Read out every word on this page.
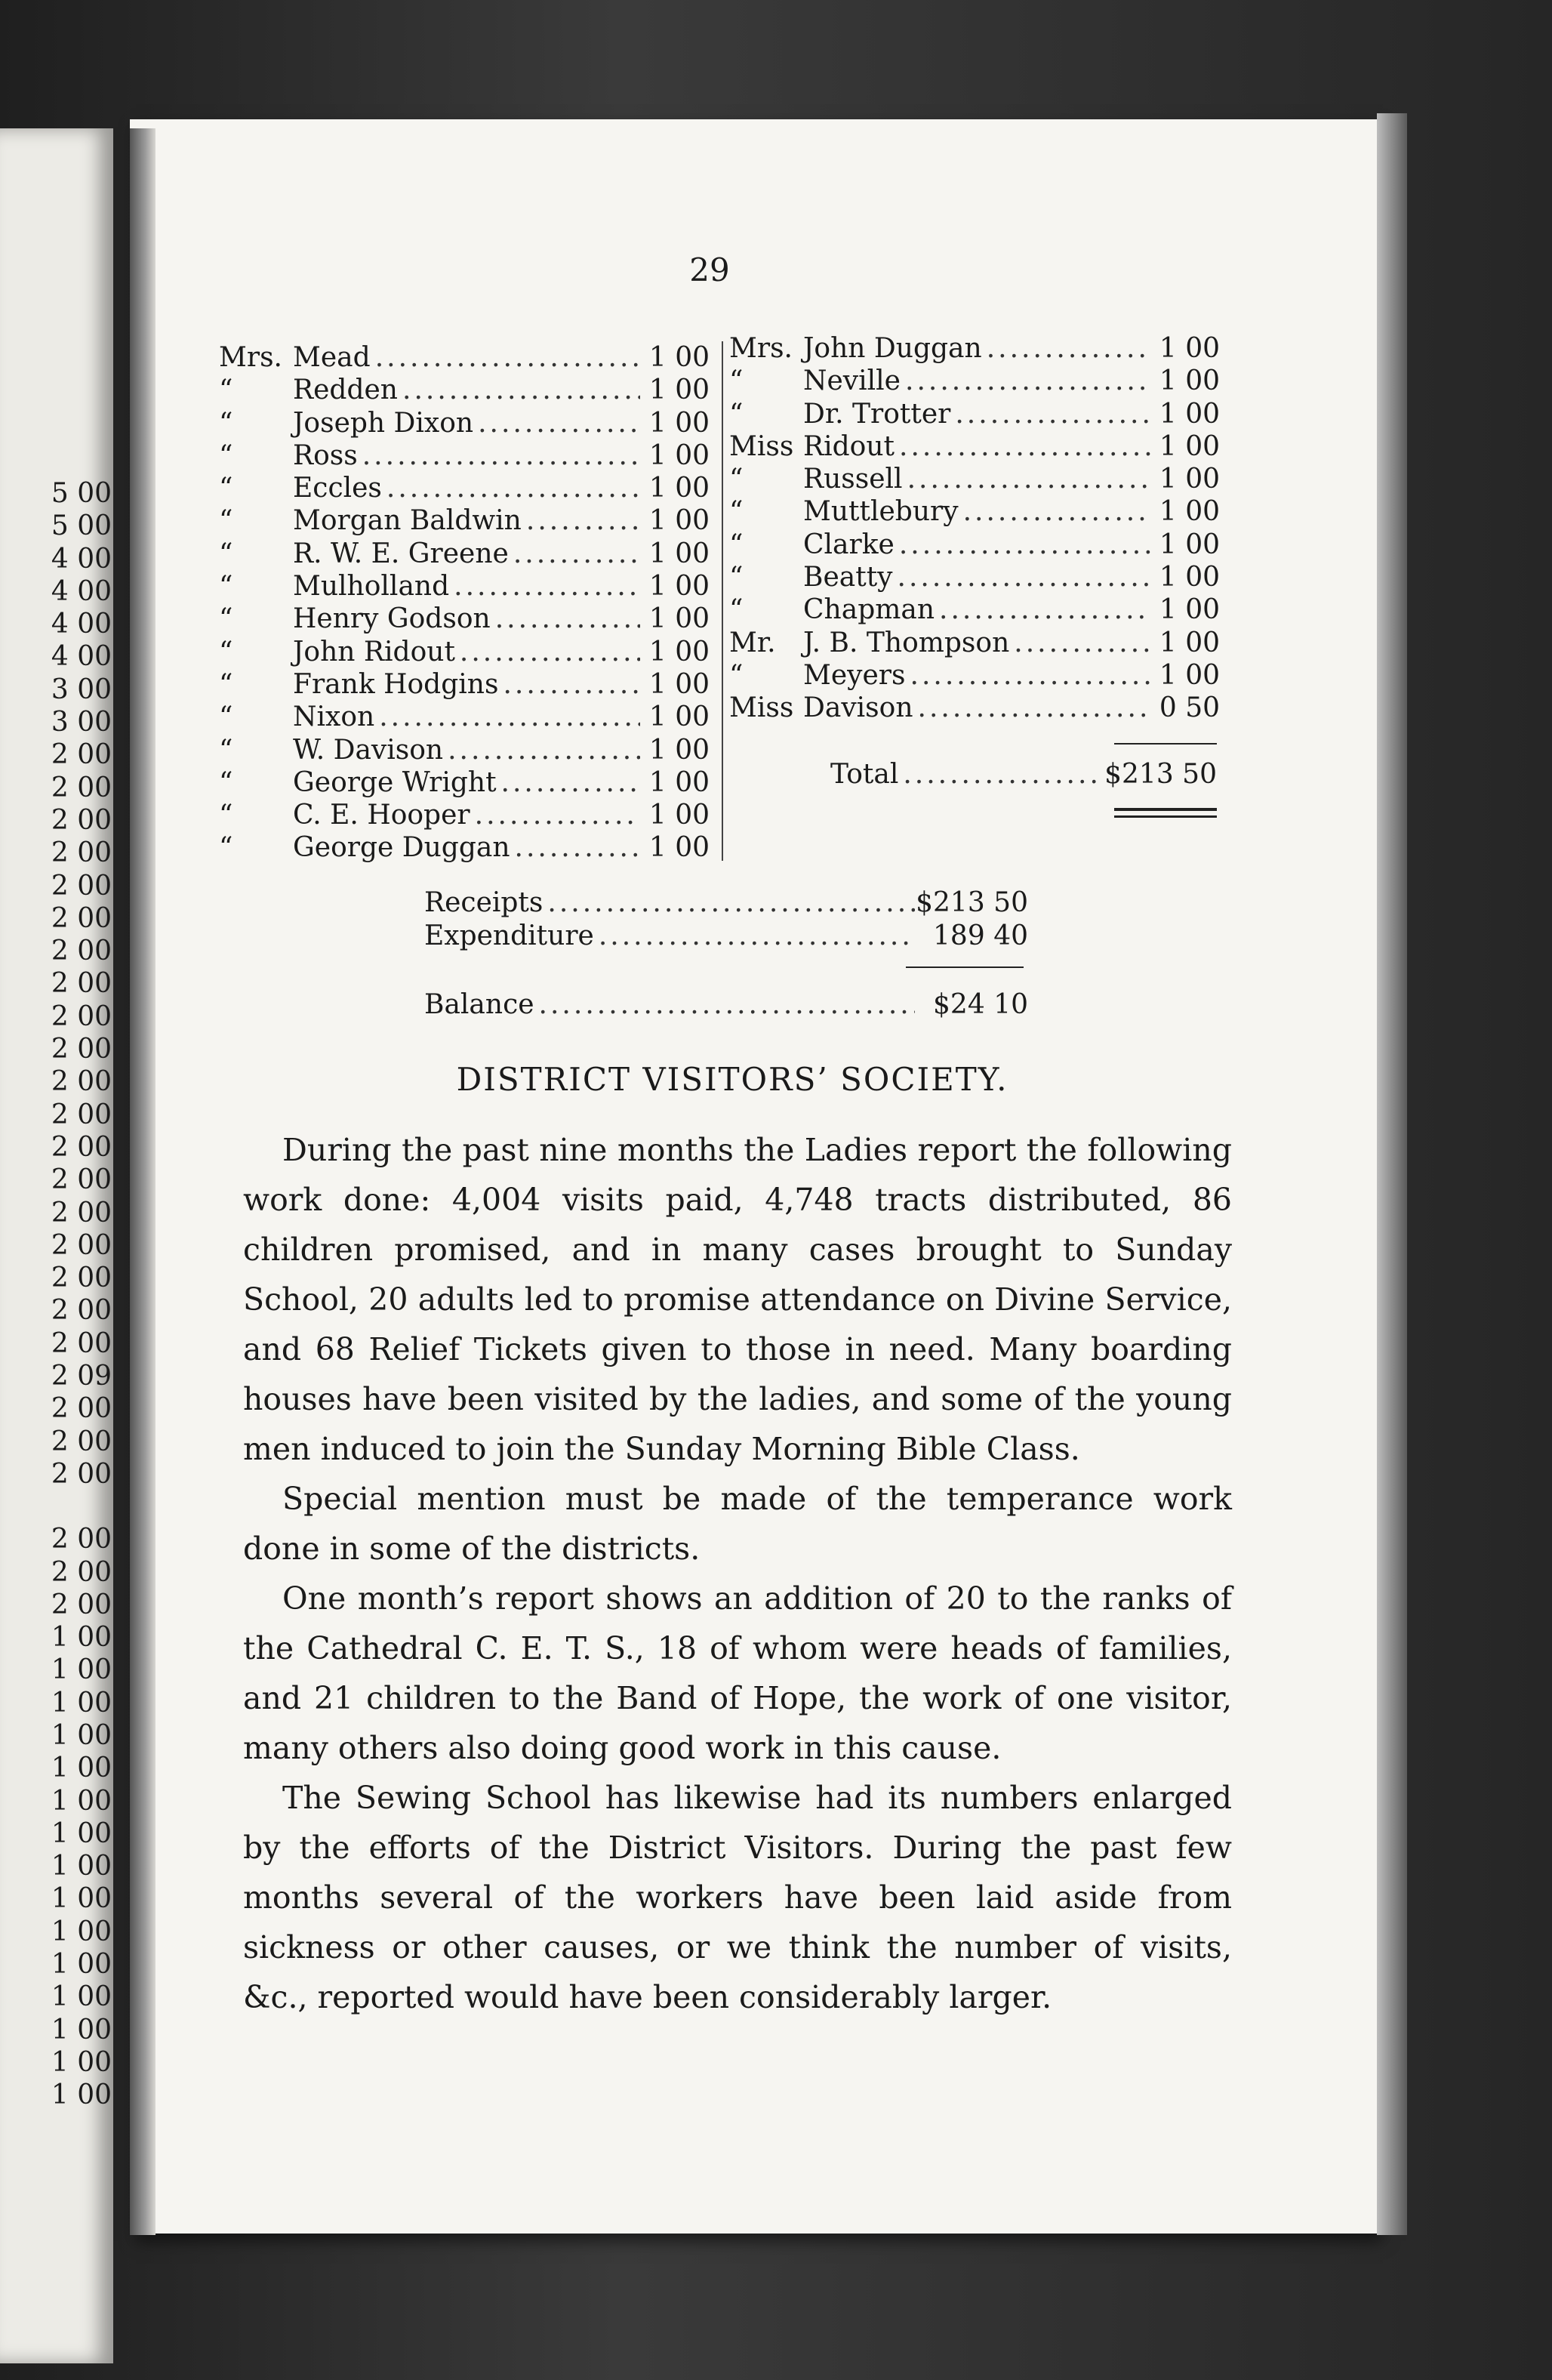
5 00
5 00
4 00
4 00
4 00
4 00
3 00
3 00
2 00
2 00
2 00
2 00
2 00
2 00
2 00
2 00
2 00
2 00
2 00
2 00
2 00
2 00
2 00
2 00
2 00
2 00
2 00
2 09
2 00
2 00
2 00
2 00
2 00
2 00
1 00
1 00
1 00
1 00
1 00
1 00
1 00
1 00
1 00
1 00
1 00
1 00
1 00
1 00
1 00
29
Mrs. Mead .....	1 00
“	Redden .....	1 00
“	Joseph Dixon .....	1 00
“	Ross .....	1 00
“	Eccles .....	1 00
“	Morgan Baldwin .....	1 00
“	R. W. E. Greene .....	1 00
“	Mulholland .....	1 00
“	Henry Godson .....	1 00
“	John Ridout .....	1 00
“	Frank Hodgins .....	1 00
“	Nixon .....	1 00
“	W. Davison .....	1 00
“	George Wright .....	1 00
“	C. E. Hooper .....	1 00
“	George Duggan .....	1 00
Mrs. John Duggan .....	1 00
“	Neville .....	1 00
“	Dr. Trotter .....	1 00
Miss Ridout .....	1 00
“	Russell .....	1 00
“	Muttlebury .....	1 00
“	Clarke .....	1 00
“	Beatty .....	1 00
“	Chapman .....	1 00
Mr.	J. B. Thompson .....	1 00
“	Meyers .....	1 00
Miss Davison .....	0 50
Total .....	$213 50
Receipts .....	$213 50
Expenditure .....	189 40
Balance .....	$24 10
DISTRICT VISITORS’ SOCIETY.

During the past nine months the Ladies report the following work done: 4,004 visits paid, 4,748 tracts distributed, 86 children promised, and in many cases brought to Sunday School, 20 adults led to promise attendance on Divine Service, and 68 Relief Tickets given to those in need. Many boarding houses have been visited by the ladies, and some of the young men induced to join the Sunday Morning Bible Class.

Special mention must be made of the temperance work done in some of the districts.

One month’s report shows an addition of 20 to the ranks of the Cathedral C. E. T. S., 18 of whom were heads of families, and 21 children to the Band of Hope, the work of one visitor, many others also doing good work in this cause.

The Sewing School has likewise had its numbers enlarged by the efforts of the District Visitors. During the past few months several of the workers have been laid aside from sickness or other causes, or we think the number of visits, &c., reported would have been considerably larger.
